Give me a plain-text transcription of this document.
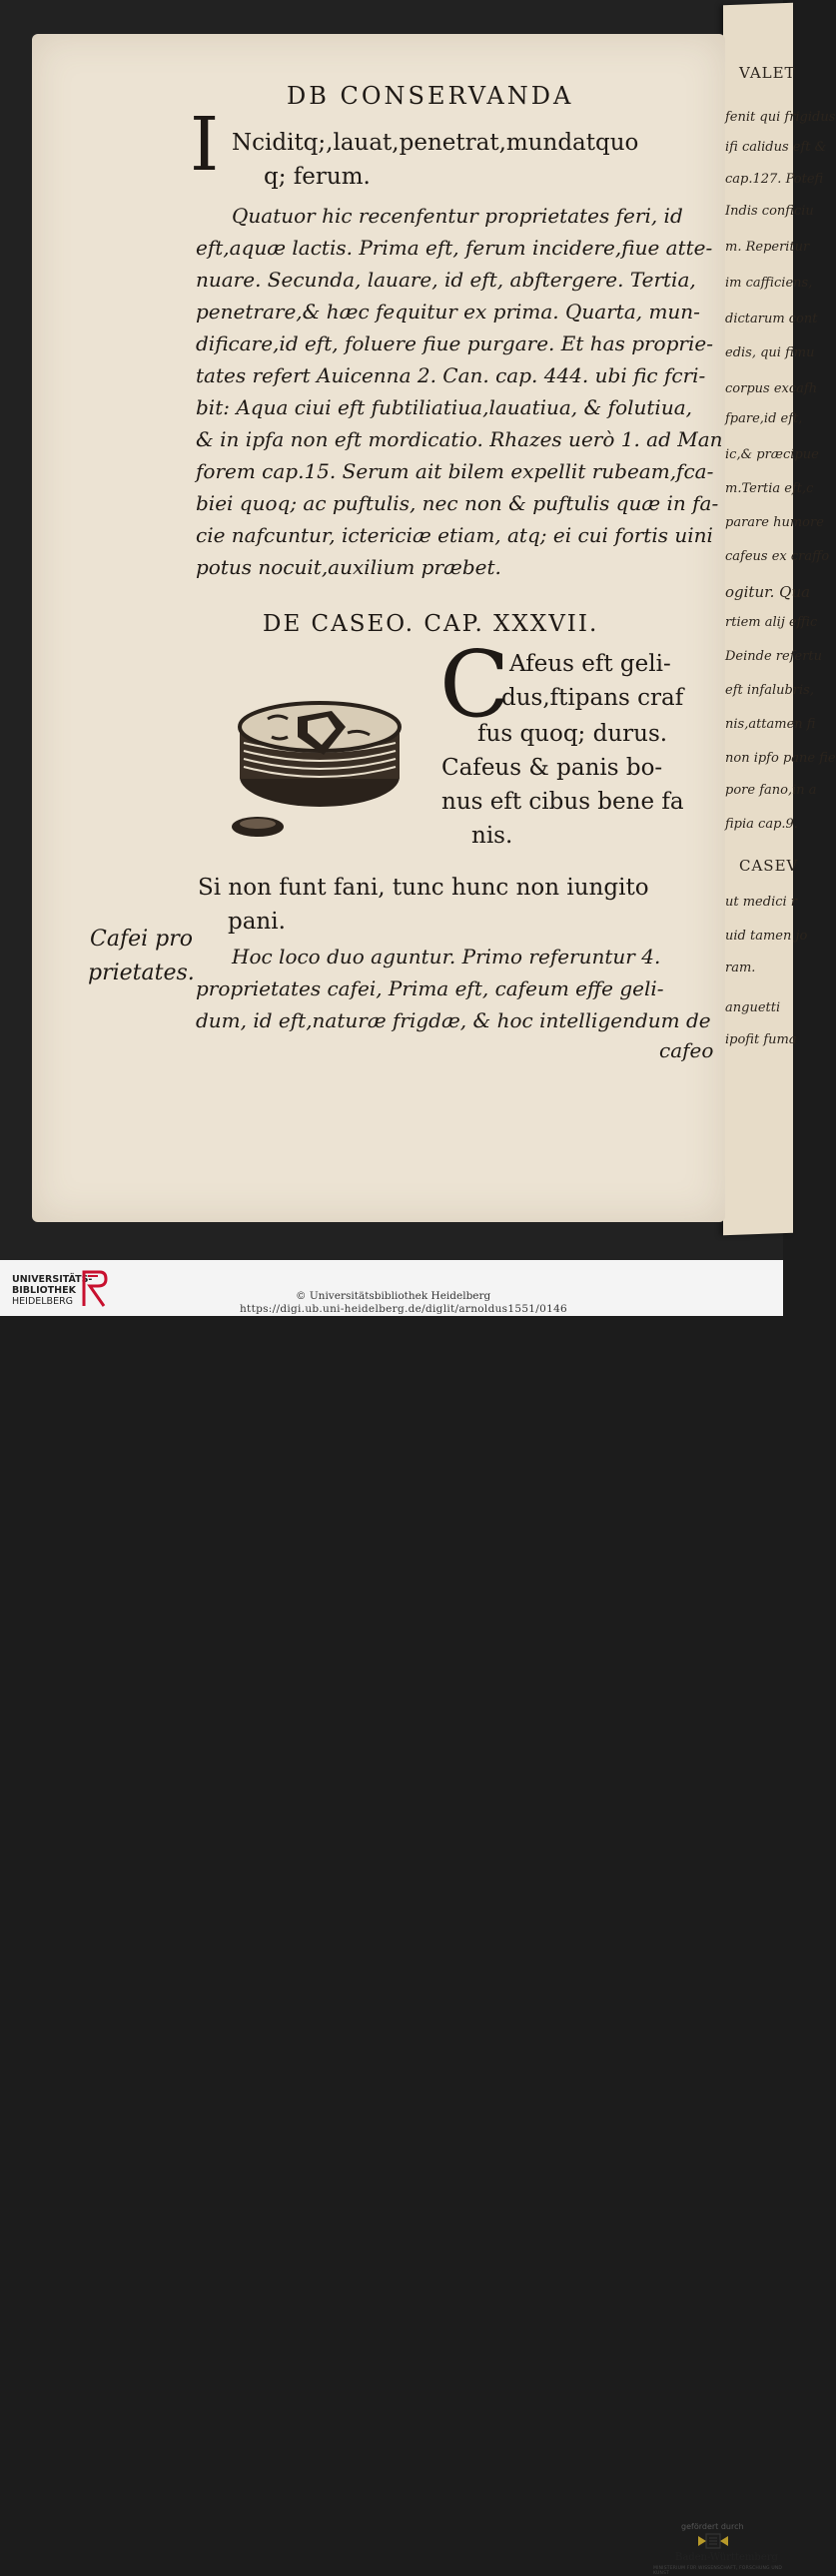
VALET
fenit qui frigidus
ifi calidus eft &
cap.127. Potefi
Indis conficiu
m. Reperitur
im cafficiens,
dictarum cont
edis, qui fimu
corpus excafh
fpare,id eft,
ic,& præcipue
m.Tertia eft,c
parare humore
cafeus ex craffo
ogitur. Qua
rtiem alij effic
Deinde refertu
eft infalubris,
nis,attamen fi
non ipfo pane fie
pore fano,in a
fipia cap.9.
CASEV
ut medici r
uid tamen jo
ram.
anguetti
ipofit fuma
DB CONSERVANDA
I Nciditq;,lauat,penetrat,mundatquo
q; ferum.
Quatuor hic recenfentur proprietates feri, id
eft,aquæ lactis. Prima eft, ferum incidere,fiue atte-
nuare. Secunda, lauare, id eft, abftergere. Tertia,
penetrare,& hæc fequitur ex prima. Quarta, mun-
dificare,id eft, foluere fiue purgare. Et has proprie-
tates refert Auicenna 2. Can. cap. 444. ubi fic fcri-
bit: Aqua ciui eft fubtiliatiua,lauatiua, & folutiua,
& in ipfa non eft mordicatio. Rhazes uerò 1. ad Man
forem cap.15. Serum ait bilem expellit rubeam,fca-
biei quoq; ac puftulis, nec non & puftulis quæ in fa-
cie nafcuntur, ictericiæ etiam, atq; ei cui fortis uini
potus nocuit,auxilium præbet.
DE CASEO. CAP. XXXVII.
C Afeus eft geli-
dus,ftipans craf
fus quoq; durus.
Cafeus & panis bo-
nus eft cibus bene fa
nis.
Si non funt fani, tunc hunc non iungito
pani.
Cafei pro
prietates.
Hoc loco duo aguntur. Primo referuntur 4.
proprietates cafei, Prima eft, cafeum effe geli-
dum, id eft,naturæ frigdæ, & hoc intelligendum de
cafeo
UNIVERSITÄTS-
BIBLIOTHEK
HEIDELBERG
gefördert durch
Baden-Württemberg
MINISTERIUM FÜR WISSENSCHAFT, FORSCHUNG UND KUNST
© Universitätsbibliothek Heidelberg
https://digi.ub.uni-heidelberg.de/diglit/arnoldus1551/0146
